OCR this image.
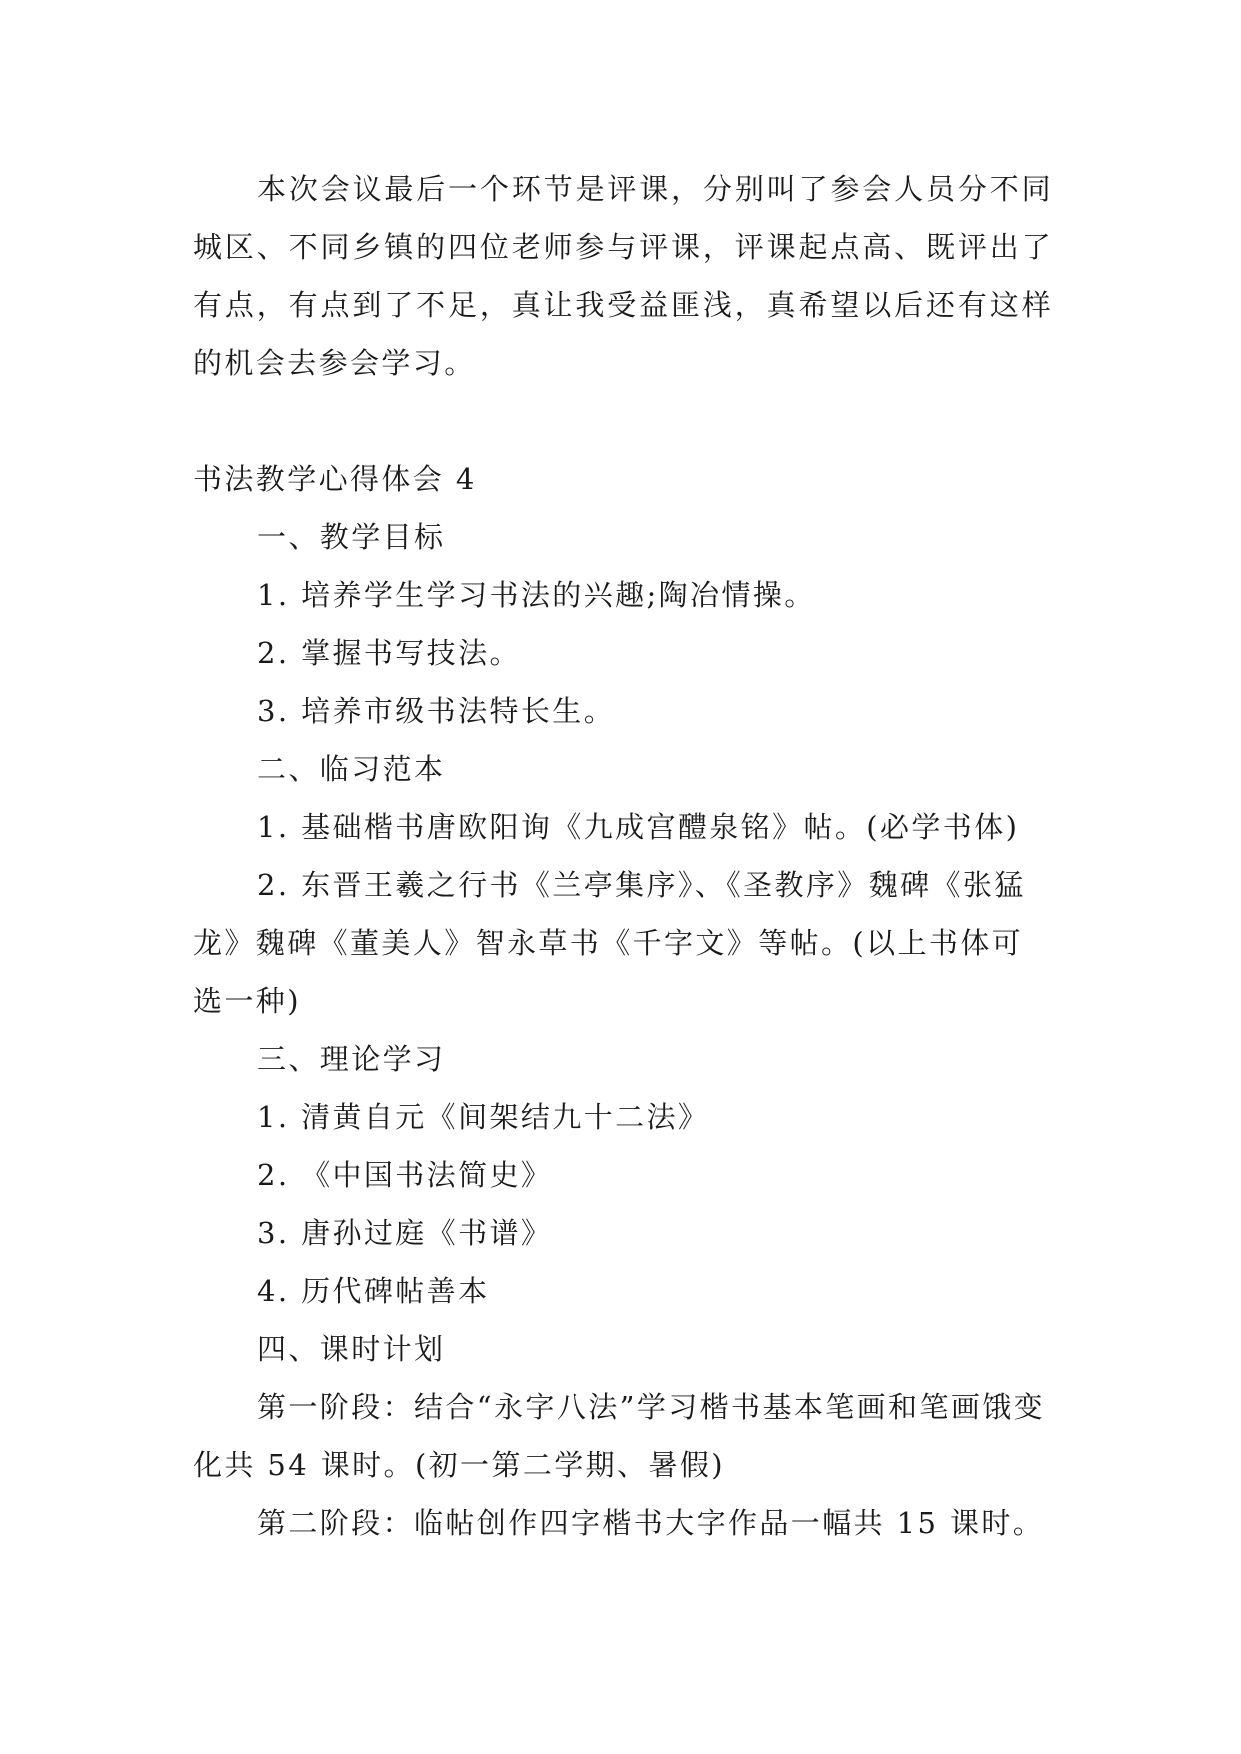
本次会议最后一个环节是评课，分别叫了参会人员分不同城区、不同乡镇的四位老师参与评课，评课起点高、既评出了有点，有点到了不足，真让我受益匪浅，真希望以后还有这样的机会去参会学习。

书法教学心得体会 4

一、教学目标

1. 培养学生学习书法的兴趣;陶冶情操。

2. 掌握书写技法。

3. 培养市级书法特长生。

二、临习范本

1. 基础楷书唐欧阳询《九成宫醴泉铭》帖。(必学书体)

2. 东晋王羲之行书《兰亭集序》、《圣教序》魏碑《张猛龙》魏碑《董美人》智永草书《千字文》等帖。(以上书体可选一种)

三、理论学习

1. 清黄自元《间架结九十二法》

2. 《中国书法简史》

3. 唐孙过庭《书谱》

4. 历代碑帖善本

四、课时计划

第一阶段：结合“永字八法”学习楷书基本笔画和笔画饿变化共 54 课时。(初一第二学期、暑假)

第二阶段：临帖创作四字楷书大字作品一幅共 15 课时。
